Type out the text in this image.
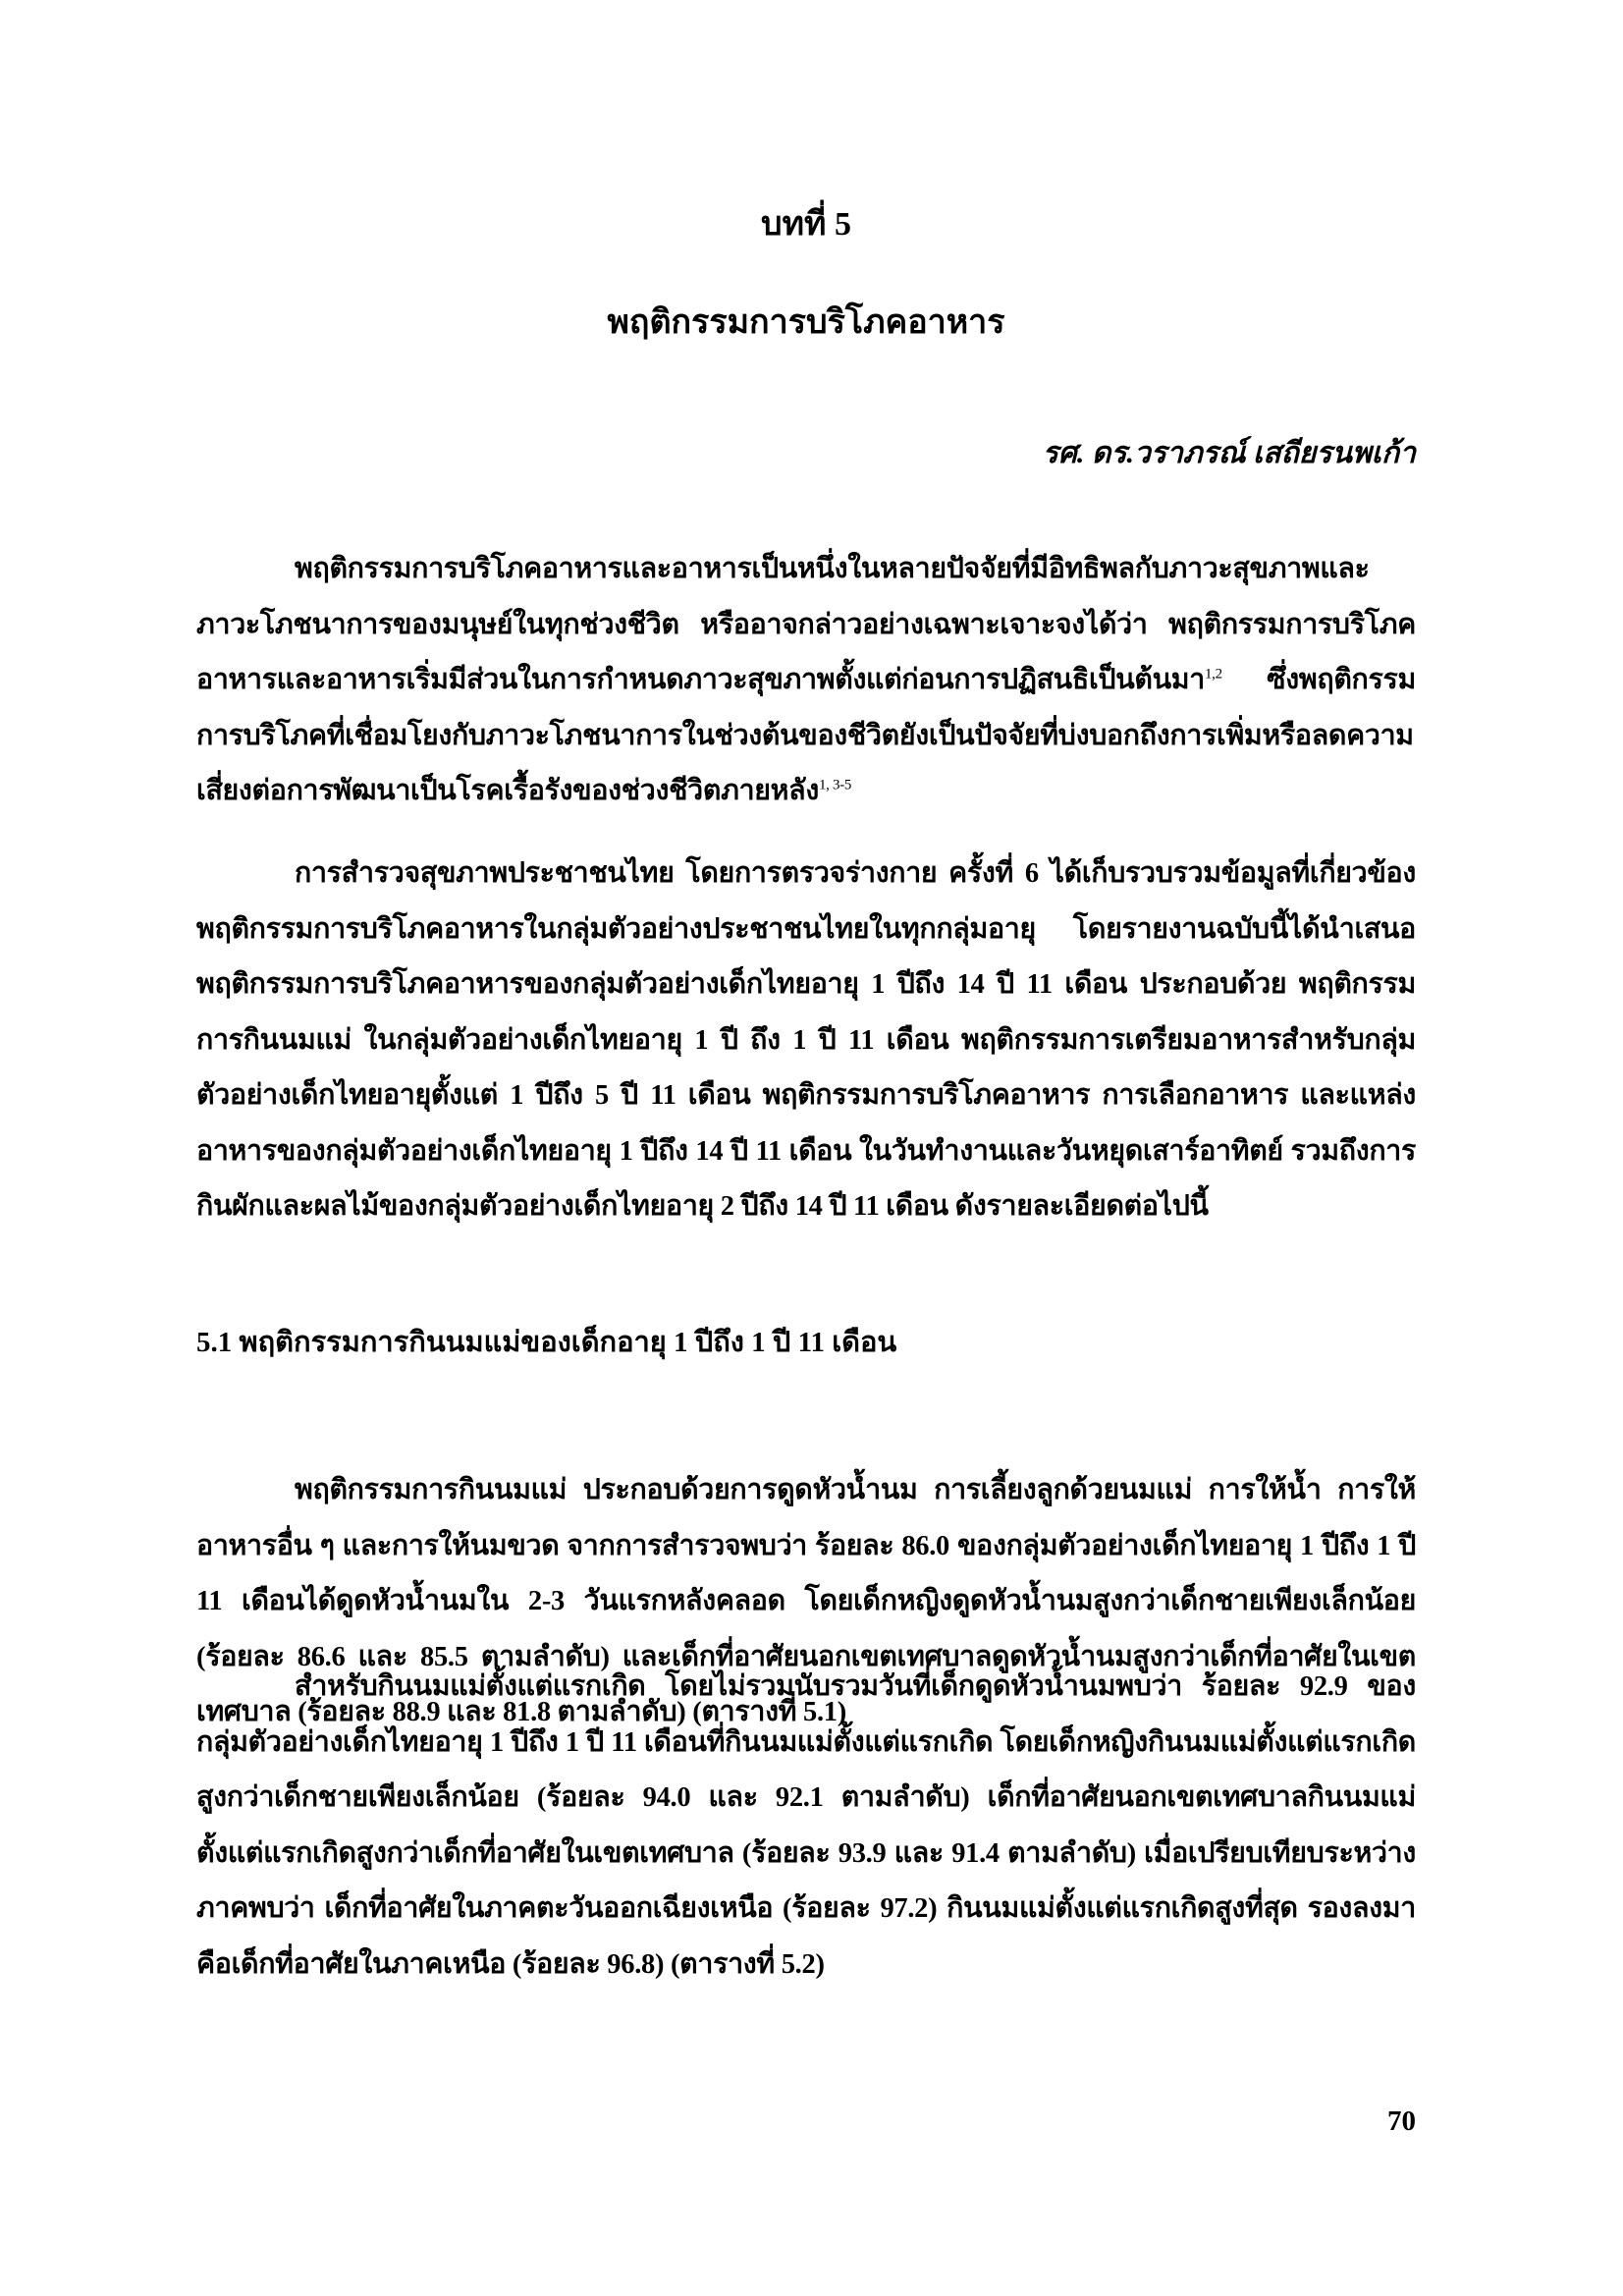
บทที่ 5
พฤติกรรมการบริโภคอาหาร
รศ. ดร.วราภรณ์ เสถียรนพเก้า

พฤติกรรมการบริโภคอาหารและอาหารเป็นหนึ่งในหลายปัจจัยที่มีอิทธิพลกับภาวะสุขภาพและภาวะโภชนาการของมนุษย์ในทุกช่วงชีวิต หรืออาจกล่าวอย่างเฉพาะเจาะจงได้ว่า พฤติกรรมการบริโภคอาหารและอาหารเริ่มมีส่วนในการกำหนดภาวะสุขภาพตั้งแต่ก่อนการปฏิสนธิเป็นต้นมา$^{1,2}$ ซึ่งพฤติกรรมการบริโภคที่เชื่อมโยงกับภาวะโภชนาการในช่วงต้นของชีวิตยังเป็นปัจจัยที่บ่งบอกถึงการเพิ่มหรือลดความเสี่ยงต่อการพัฒนาเป็นโรคเรื้อรังของช่วงชีวิตภายหลัง$^{1, 3-5}$

การสำรวจสุขภาพประชาชนไทย โดยการตรวจร่างกาย ครั้งที่ 6 ได้เก็บรวบรวมข้อมูลที่เกี่ยวข้องพฤติกรรมการบริโภคอาหารในกลุ่มตัวอย่างประชาชนไทยในทุกกลุ่มอายุ โดยรายงานฉบับนี้ได้นำเสนอพฤติกรรมการบริโภคอาหารของกลุ่มตัวอย่างเด็กไทยอายุ 1 ปีถึง 14 ปี 11 เดือน ประกอบด้วย พฤติกรรมการกินนมแม่ ในกลุ่มตัวอย่างเด็กไทยอายุ 1 ปี ถึง 1 ปี 11 เดือน พฤติกรรมการเตรียมอาหารสำหรับกลุ่มตัวอย่างเด็กไทยอายุตั้งแต่ 1 ปีถึง 5 ปี 11 เดือน พฤติกรรมการบริโภคอาหาร การเลือกอาหาร และแหล่งอาหารของกลุ่มตัวอย่างเด็กไทยอายุ 1 ปีถึง 14 ปี 11 เดือน ในวันทำงานและวันหยุดเสาร์อาทิตย์ รวมถึงการกินผักและผลไม้ของกลุ่มตัวอย่างเด็กไทยอายุ 2 ปีถึง 14 ปี 11 เดือน ดังรายละเอียดต่อไปนี้

5.1 พฤติกรรมการกินนมแม่ของเด็กอายุ 1 ปีถึง 1 ปี 11 เดือน

พฤติกรรมการกินนมแม่ ประกอบด้วยการดูดหัวน้ำนม การเลี้ยงลูกด้วยนมแม่ การให้น้ำ การให้อาหารอื่น ๆ และการให้นมขวด จากการสำรวจพบว่า ร้อยละ 86.0 ของกลุ่มตัวอย่างเด็กไทยอายุ 1 ปีถึง 1 ปี 11 เดือนได้ดูดหัวน้ำนมใน 2-3 วันแรกหลังคลอด โดยเด็กหญิงดูดหัวน้ำนมสูงกว่าเด็กชายเพียงเล็กน้อย (ร้อยละ 86.6 และ 85.5 ตามลำดับ) และเด็กที่อาศัยนอกเขตเทศบาลดูดหัวน้ำนมสูงกว่าเด็กที่อาศัยในเขตเทศบาล (ร้อยละ 88.9 และ 81.8 ตามลำดับ) (ตารางที่ 5.1)

สำหรับกินนมแม่ตั้งแต่แรกเกิด โดยไม่รวมนับรวมวันที่เด็กดูดหัวน้ำนมพบว่า ร้อยละ 92.9 ของกลุ่มตัวอย่างเด็กไทยอายุ 1 ปีถึง 1 ปี 11 เดือนที่กินนมแม่ตั้งแต่แรกเกิด โดยเด็กหญิงกินนมแม่ตั้งแต่แรกเกิดสูงกว่าเด็กชายเพียงเล็กน้อย (ร้อยละ 94.0 และ 92.1 ตามลำดับ) เด็กที่อาศัยนอกเขตเทศบาลกินนมแม่ตั้งแต่แรกเกิดสูงกว่าเด็กที่อาศัยในเขตเทศบาล (ร้อยละ 93.9 และ 91.4 ตามลำดับ) เมื่อเปรียบเทียบระหว่างภาคพบว่า เด็กที่อาศัยในภาคตะวันออกเฉียงเหนือ (ร้อยละ 97.2) กินนมแม่ตั้งแต่แรกเกิดสูงที่สุด รองลงมาคือเด็กที่อาศัยในภาคเหนือ (ร้อยละ 96.8) (ตารางที่ 5.2)

70
